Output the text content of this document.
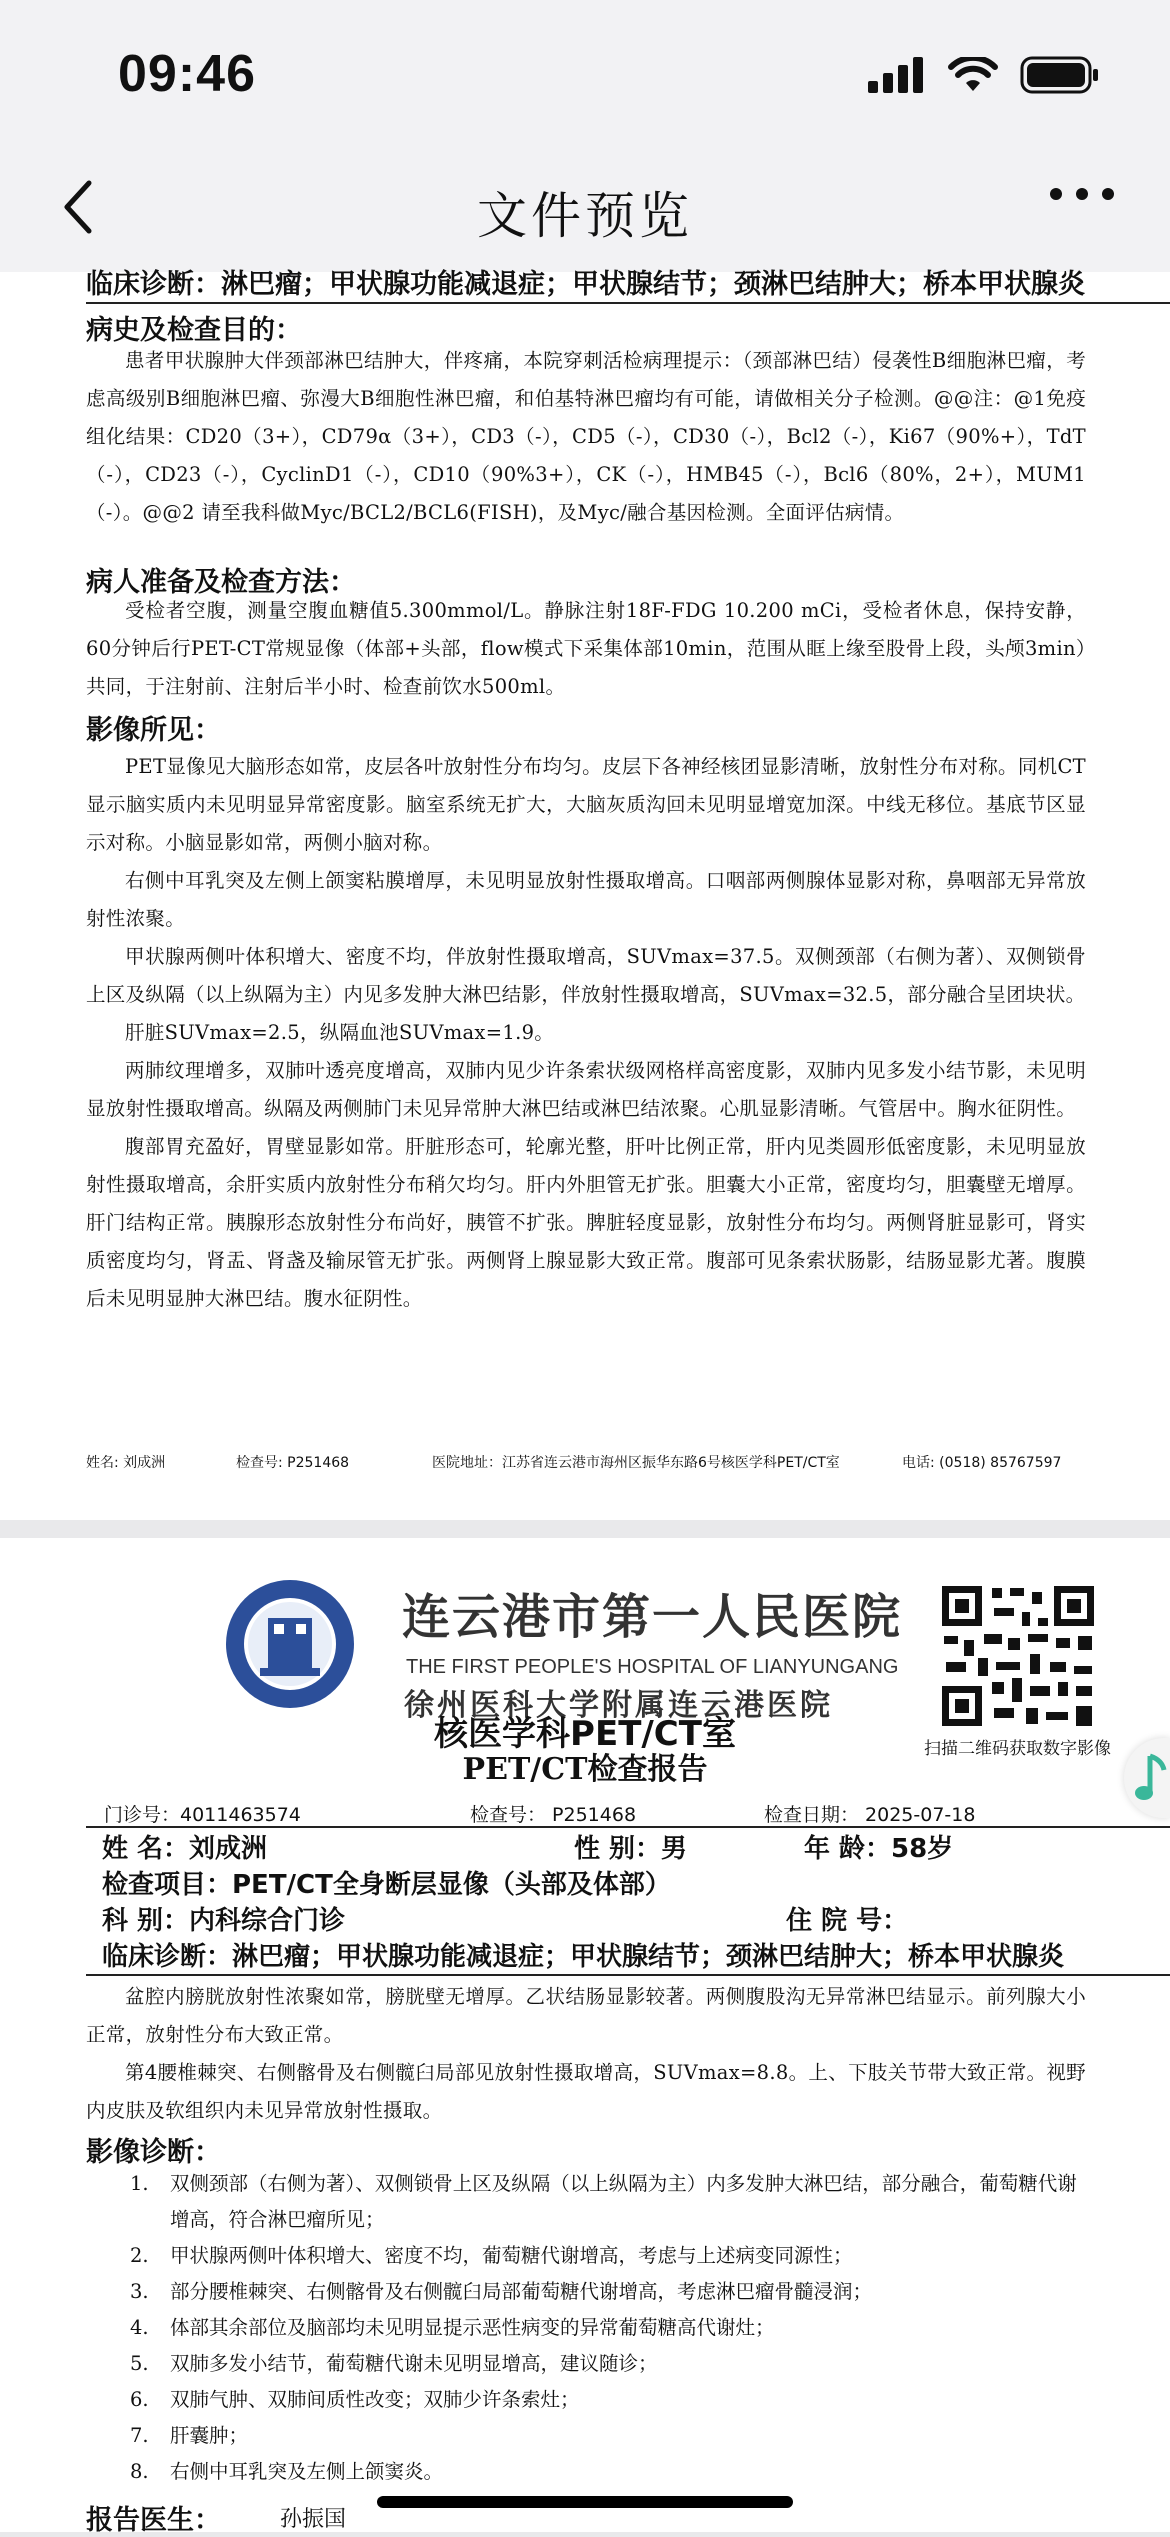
09:46
文件预览
临床诊断：淋巴瘤；甲状腺功能减退症；甲状腺结节；颈淋巴结肿大；桥本甲状腺炎
病史及检查目的：
患者甲状腺肿大伴颈部淋巴结肿大，伴疼痛，本院穿刺活检病理提示：（颈部淋巴结）侵袭性B细胞淋巴瘤，考虑高级别B细胞淋巴瘤、弥漫大B细胞性淋巴瘤，和伯基特淋巴瘤均有可能，请做相关分子检测。@@注：@1免疫组化结果：CD20（3+），CD79α（3+），CD3（-），CD5（-），CD30（-），Bcl2（-），Ki67（90%+），TdT（-），CD23（-），CyclinD1（-），CD10（90%3+），CK（-），HMB45（-），Bcl6（80%，2+），MUM1（-）。@@2 请至我科做Myc/BCL2/BCL6(FISH)，及Myc/融合基因检测。全面评估病情。
病人准备及检查方法：
受检者空腹，测量空腹血糖值5.300mmol/L。静脉注射18F-FDG 10.200 mCi，受检者休息，保持安静，60分钟后行PET-CT常规显像（体部+头部，flow模式下采集体部10min，范围从眶上缘至股骨上段，头颅3min）共同，于注射前、注射后半小时、检查前饮水500ml。
影像所见：
PET显像见大脑形态如常，皮层各叶放射性分布均匀。皮层下各神经核团显影清晰，放射性分布对称。同机CT显示脑实质内未见明显异常密度影。脑室系统无扩大，大脑灰质沟回未见明显增宽加深。中线无移位。基底节区显示对称。小脑显影如常，两侧小脑对称。
右侧中耳乳突及左侧上颌窦粘膜增厚，未见明显放射性摄取增高。口咽部两侧腺体显影对称，鼻咽部无异常放射性浓聚。
甲状腺两侧叶体积增大、密度不均，伴放射性摄取增高，SUVmax=37.5。双侧颈部（右侧为著）、双侧锁骨上区及纵隔（以上纵隔为主）内见多发肿大淋巴结影，伴放射性摄取增高，SUVmax=32.5，部分融合呈团块状。
肝脏SUVmax=2.5，纵隔血池SUVmax=1.9。
两肺纹理增多，双肺叶透亮度增高，双肺内见少许条索状级网格样高密度影，双肺内见多发小结节影，未见明显放射性摄取增高。纵隔及两侧肺门未见异常肿大淋巴结或淋巴结浓聚。心肌显影清晰。气管居中。胸水征阴性。
腹部胃充盈好，胃壁显影如常。肝脏形态可，轮廓光整，肝叶比例正常，肝内见类圆形低密度影，未见明显放射性摄取增高，余肝实质内放射性分布稍欠均匀。肝内外胆管无扩张。胆囊大小正常，密度均匀，胆囊壁无增厚。肝门结构正常。胰腺形态放射性分布尚好，胰管不扩张。脾脏轻度显影，放射性分布均匀。两侧肾脏显影可，肾实质密度均匀，肾盂、肾盏及输尿管无扩张。两侧肾上腺显影大致正常。腹部可见条索状肠影，结肠显影尤著。腹膜后未见明显肿大淋巴结。腹水征阴性。
姓名: 刘成洲	检查号: P251468	医院地址：江苏省连云港市海州区振华东路6号核医学科PET/CT室	电话: (0518) 85767597
连云港市第一人民医院
THE FIRST PEOPLE'S HOSPITAL OF LIANYUNGANG
徐州医科大学附属连云港医院
扫描二维码获取数字影像
核医学科PET/CT室
PET/CT检查报告
门诊号：4011463574	检查号： P251468	检查日期： 2025-07-18
姓 名：刘成洲	性 别：男	年 龄：58岁
检查项目：PET/CT全身断层显像（头部及体部）
科 别：内科综合门诊	住 院 号：
临床诊断：淋巴瘤；甲状腺功能减退症；甲状腺结节；颈淋巴结肿大；桥本甲状腺炎
盆腔内膀胱放射性浓聚如常，膀胱壁无增厚。乙状结肠显影较著。两侧腹股沟无异常淋巴结显示。前列腺大小正常，放射性分布大致正常。
第4腰椎棘突、右侧髂骨及右侧髋臼局部见放射性摄取增高，SUVmax=8.8。上、下肢关节带大致正常。视野内皮肤及软组织内未见异常放射性摄取。
影像诊断：
1.	双侧颈部（右侧为著）、双侧锁骨上区及纵隔（以上纵隔为主）内多发肿大淋巴结，部分融合，葡萄糖代谢增高，符合淋巴瘤所见；
2.	甲状腺两侧叶体积增大、密度不均，葡萄糖代谢增高，考虑与上述病变同源性；
3.	部分腰椎棘突、右侧髂骨及右侧髋臼局部葡萄糖代谢增高，考虑淋巴瘤骨髓浸润；
4.	体部其余部位及脑部均未见明显提示恶性病变的异常葡萄糖高代谢灶；
5.	双肺多发小结节，葡萄糖代谢未见明显增高，建议随诊；
6.	双肺气肿、双肺间质性改变；双肺少许条索灶；
7.	肝囊肿；
8.	右侧中耳乳突及左侧上颌窦炎。
报告医生：	孙振国
